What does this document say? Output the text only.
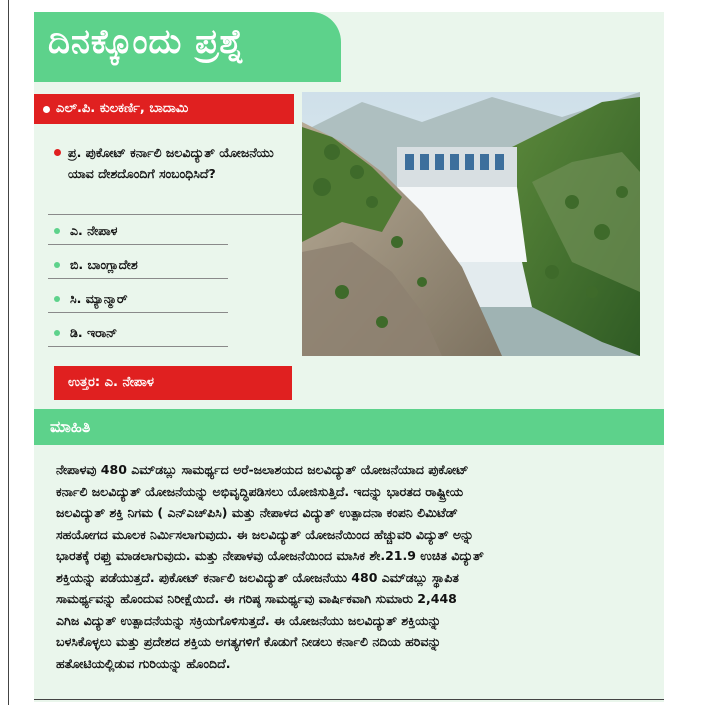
ದಿನಕ್ಕೊಂದು ಪ್ರಶ್ನೆ
ಎಲ್.ಪಿ. ಕುಲಕರ್ಣಿ, ಬಾದಾಮಿ
ಪ್ರ. ಪುಕೋಟ್ ಕರ್ನಾಲಿ ಜಲವಿದ್ಯುತ್ ಯೋಜನೆಯು ಯಾವ ದೇಶದೊಂದಿಗೆ ಸಂಬಂಧಿಸಿದೆ?
ಎ. ನೇಪಾಳ
ಬಿ. ಬಾಂಗ್ಲಾದೇಶ
ಸಿ. ಮ್ಯಾನ್ಮಾರ್
ಡಿ. ಇರಾನ್
ಉತ್ತರ: ಎ. ನೇಪಾಳ
ಮಾಹಿತಿ
ನೇಪಾಳವು 480 ಎಮ್‌ಡಬ್ಲು ಸಾಮರ್ಥ್ಯದ ಅರೆ-ಜಲಾಶಯದ ಜಲವಿದ್ಯುತ್ ಯೋಜನೆಯಾದ ಪುಕೋಟ್
ಕರ್ನಾಲಿ ಜಲವಿದ್ಯುತ್ ಯೋಜನೆಯನ್ನು ಅಭಿವೃದ್ಧಿಪಡಿಸಲು ಯೋಜಿಸುತ್ತಿದೆ. ಇದನ್ನು ಭಾರತದ ರಾಷ್ಟ್ರೀಯ
ಜಲವಿದ್ಯುತ್ ಶಕ್ತಿ ನಿಗಮ ( ಎನ್‌ಎಚ್‌ಪಿಸಿ) ಮತ್ತು ನೇಪಾಳದ ವಿದ್ಯುತ್ ಉತ್ಪಾದನಾ ಕಂಪನಿ ಲಿಮಿಟೆಡ್
ಸಹಯೋಗದ ಮೂಲಕ ನಿರ್ಮಿಸಲಾಗುವುದು. ಈ ಜಲವಿದ್ಯುತ್ ಯೋಜನೆಯಿಂದ ಹೆಚ್ಚುವರಿ ವಿದ್ಯುತ್ ಅನ್ನು
ಭಾರತಕ್ಕೆ ರಫ್ತು ಮಾಡಲಾಗುವುದು. ಮತ್ತು ನೇಪಾಳವು ಯೋಜನೆಯಿಂದ ಮಾಸಿಕ ಶೇ.21.9 ಉಚಿತ ವಿದ್ಯುತ್
ಶಕ್ತಿಯನ್ನು ಪಡೆಯುತ್ತದೆ. ಪುಕೋಟ್ ಕರ್ನಾಲಿ ಜಲವಿದ್ಯುತ್ ಯೋಜನೆಯು 480 ಎಮ್‌ಡಬ್ಲು ಸ್ಥಾಪಿತ
ಸಾಮರ್ಥ್ಯವನ್ನು ಹೊಂದುವ ನಿರೀಕ್ಷೆಯಿದೆ. ಈ ಗರಿಷ್ಠ ಸಾಮರ್ಥ್ಯವು ವಾರ್ಷಿಕವಾಗಿ ಸುಮಾರು 2,448
ಎಗಿಜ ವಿದ್ಯುತ್ ಉತ್ಪಾದನೆಯನ್ನು ಸಕ್ರಿಯಗೊಳಿಸುತ್ತದೆ. ಈ ಯೋಜನೆಯು ಜಲವಿದ್ಯುತ್ ಶಕ್ತಿಯನ್ನು
ಬಳಸಿಕೊಳ್ಳಲು ಮತ್ತು ಪ್ರದೇಶದ ಶಕ್ತಿಯ ಅಗತ್ಯಗಳಿಗೆ ಕೊಡುಗೆ ನೀಡಲು ಕರ್ನಾಲಿ ನದಿಯ ಹರಿವನ್ನು
ಹತೋಟಿಯಲ್ಲಿಡುವ ಗುರಿಯನ್ನು ಹೊಂದಿದೆ.
